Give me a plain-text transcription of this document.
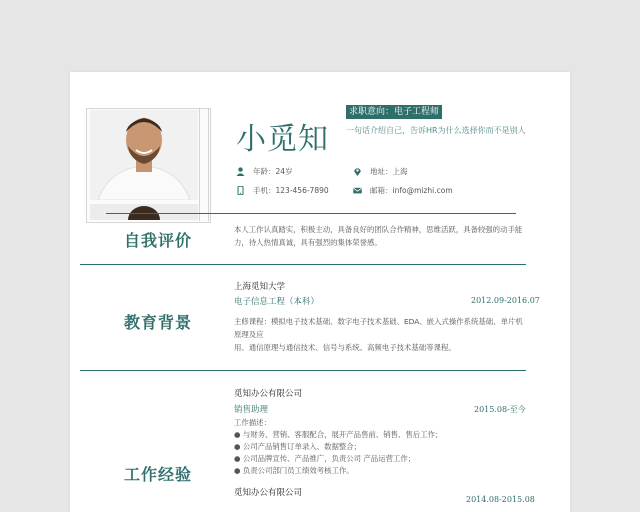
小觅知
求职意向：电子工程师
一句话介绍自己，告诉HR为什么选择你而不是别人
年龄：24岁	地址：上海
手机：123-456-7890	邮箱：info@mizhi.com
自我评价
本人工作认真踏实，积极主动，具备良好的团队合作精神，思维活跃，具备较强的动手能
力，待人热情真诚，具有强烈的集体荣誉感。
上海觅知大学
电子信息工程（本科）	2012.09-2016.07
教育背景	主修课程：模拟电子技术基础、数字电子技术基础、EDA、嵌入式操作系统基础、单片机
原理及应
用、通信原理与通信技术、信号与系统、高频电子技术基础等课程。
觅知办公有限公司
销售助理	2015.08-至今
工作描述：
● 与财务、营销、客服配合，展开产品售前、销售、售后工作；
● 公司产品销售订单录入、数据整合；
● 公司品牌宣传、产品推广，负责公司 产品运营工作；
● 负责公司部门员工绩效考核工作。
工作经验
觅知办公有限公司
2014.08-2015.08
